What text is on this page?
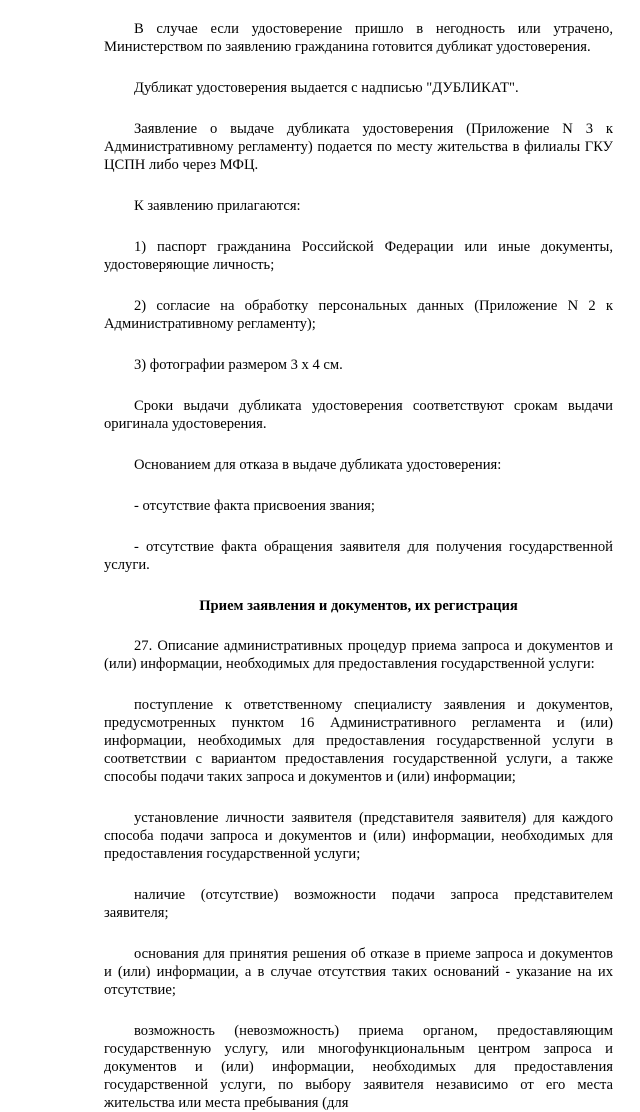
В случае если удостоверение пришло в негодность или утрачено, Министерством по заявлению гражданина готовится дубликат удостоверения.

Дубликат удостоверения выдается с надписью "ДУБЛИКАТ".

Заявление о выдаче дубликата удостоверения (Приложение N 3 к Административному регламенту) подается по месту жительства в филиалы ГКУ ЦСПН либо через МФЦ.

К заявлению прилагаются:

1) паспорт гражданина Российской Федерации или иные документы, удостоверяющие личность;

2) согласие на обработку персональных данных (Приложение N 2 к Административному регламенту);

3) фотографии размером 3 х 4 см.

Сроки выдачи дубликата удостоверения соответствуют срокам выдачи оригинала удостоверения.

Основанием для отказа в выдаче дубликата удостоверения:

- отсутствие факта присвоения звания;

- отсутствие факта обращения заявителя для получения государственной услуги.

Прием заявления и документов, их регистрация

27. Описание административных процедур приема запроса и документов и (или) информации, необходимых для предоставления государственной услуги:

поступление к ответственному специалисту заявления и документов, предусмотренных пунктом 16 Административного регламента и (или) информации, необходимых для предоставления государственной услуги в соответствии с вариантом предоставления государственной услуги, а также способы подачи таких запроса и документов и (или) информации;

установление личности заявителя (представителя заявителя) для каждого способа подачи запроса и документов и (или) информации, необходимых для предоставления государственной услуги;

наличие (отсутствие) возможности подачи запроса представителем заявителя;

основания для принятия решения об отказе в приеме запроса и документов и (или) информации, а в случае отсутствия таких оснований - указание на их отсутствие;

возможность (невозможность) приема органом, предоставляющим государственную услугу, или многофункциональным центром запроса и документов и (или) информации, необходимых для предоставления государственной услуги, по выбору заявителя независимо от его места жительства или места пребывания (для
